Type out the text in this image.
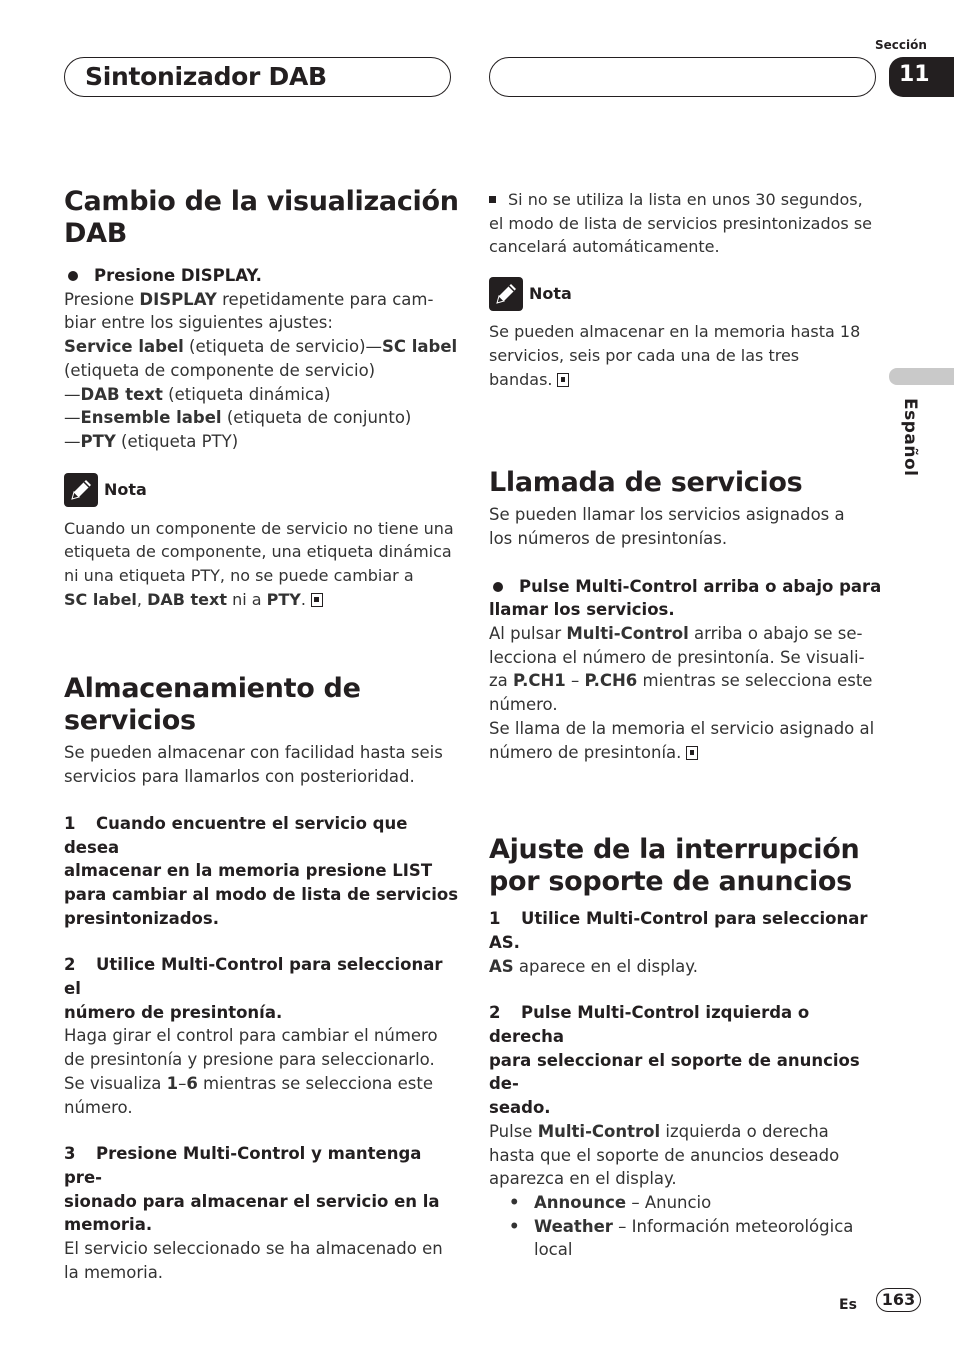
Sintonizador DAB
Sección
11
Español
Cambio de la visualización DAB

Presione DISPLAY.

Presione DISPLAY repetidamente para cam-

biar entre los siguientes ajustes:

Service label (etiqueta de servicio)—SC label

(etiqueta de componente de servicio)

—DAB text (etiqueta dinámica)

—Ensemble label (etiqueta de conjunto)

—PTY (etiqueta PTY)

Nota
Cuando un componente de servicio no tiene una
etiqueta de componente, una etiqueta dinámica
ni una etiqueta PTY, no se puede cambiar a
SC label, DAB text ni a PTY.
Almacenamiento de servicios

Se pueden almacenar con facilidad hasta seis

servicios para llamarlos con posterioridad.

1 Cuando encuentre el servicio que desea
almacenar en la memoria presione LIST
para cambiar al modo de lista de servicios
presintonizados.
2 Utilice Multi-Control para seleccionar el
número de presintonía.

Haga girar el control para cambiar el número

de presintonía y presione para seleccionarlo.

Se visualiza 1–6 mientras se selecciona este

número.

3 Presione Multi-Control y mantenga pre-
sionado para almacenar el servicio en la
memoria.

El servicio seleccionado se ha almacenado en

la memoria.

Si no se utiliza la lista en unos 30 segundos,
el modo de lista de servicios presintonizados se
cancelará automáticamente.
Nota
Se pueden almacenar en la memoria hasta 18
servicios, seis por cada una de las tres
bandas.
Llamada de servicios

Se pueden llamar los servicios asignados a

los números de presintonías.

Pulse Multi-Control arriba o abajo para
llamar los servicios.

Al pulsar Multi-Control arriba o abajo se se-

lecciona el número de presintonía. Se visuali-

za P.CH1 – P.CH6 mientras se selecciona este

número.

Se llama de la memoria el servicio asignado al

número de presintonía.

Ajuste de la interrupción
por soporte de anuncios
1 Utilice Multi-Control para seleccionar
AS.

AS aparece en el display.

2 Pulse Multi-Control izquierda o derecha
para seleccionar el soporte de anuncios de-
seado.

Pulse Multi-Control izquierda o derecha

hasta que el soporte de anuncios deseado

aparezca en el display.

• Announce – Anuncio
• Weather – Información meteorológica
local
Es	163
